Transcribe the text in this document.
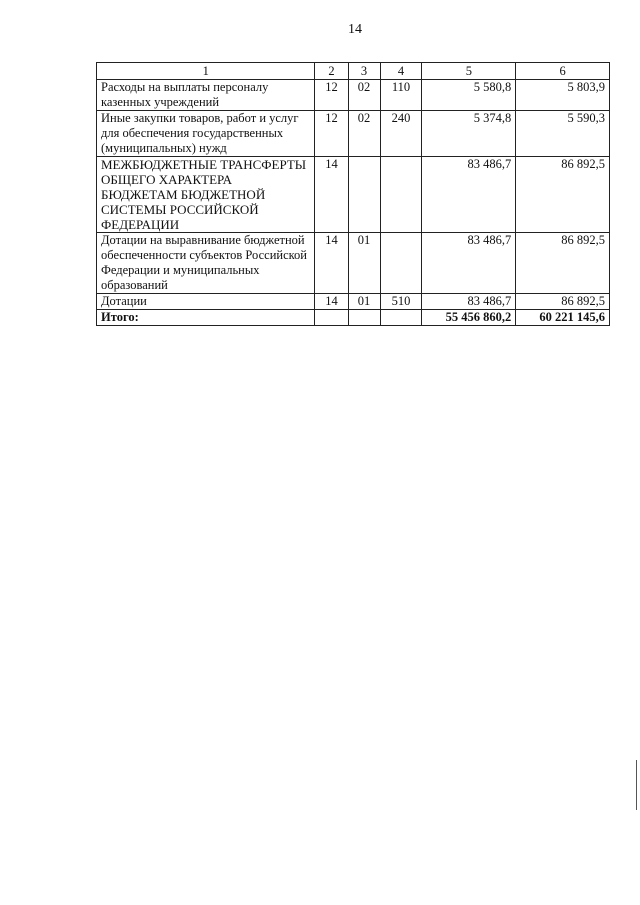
14
1	2	3	4	5	6
Расходы на выплаты персоналу казенных учреждений	12	02	110	5 580,8	5 803,9
Иные закупки товаров, работ и услуг для обеспечения государственных (муниципальных) нужд	12	02	240	5 374,8	5 590,3
МЕЖБЮДЖЕТНЫЕ ТРАНСФЕРТЫ ОБЩЕГО ХАРАКТЕРА БЮДЖЕТАМ БЮДЖЕТНОЙ СИСТЕМЫ РОССИЙСКОЙ ФЕДЕРАЦИИ	14			83 486,7	86 892,5
Дотации на выравнивание бюджетной обеспеченности субъектов Российской Федерации и муниципальных образований	14	01		83 486,7	86 892,5
Дотации	14	01	510	83 486,7	86 892,5
Итого:				55 456 860,2	60 221 145,6
